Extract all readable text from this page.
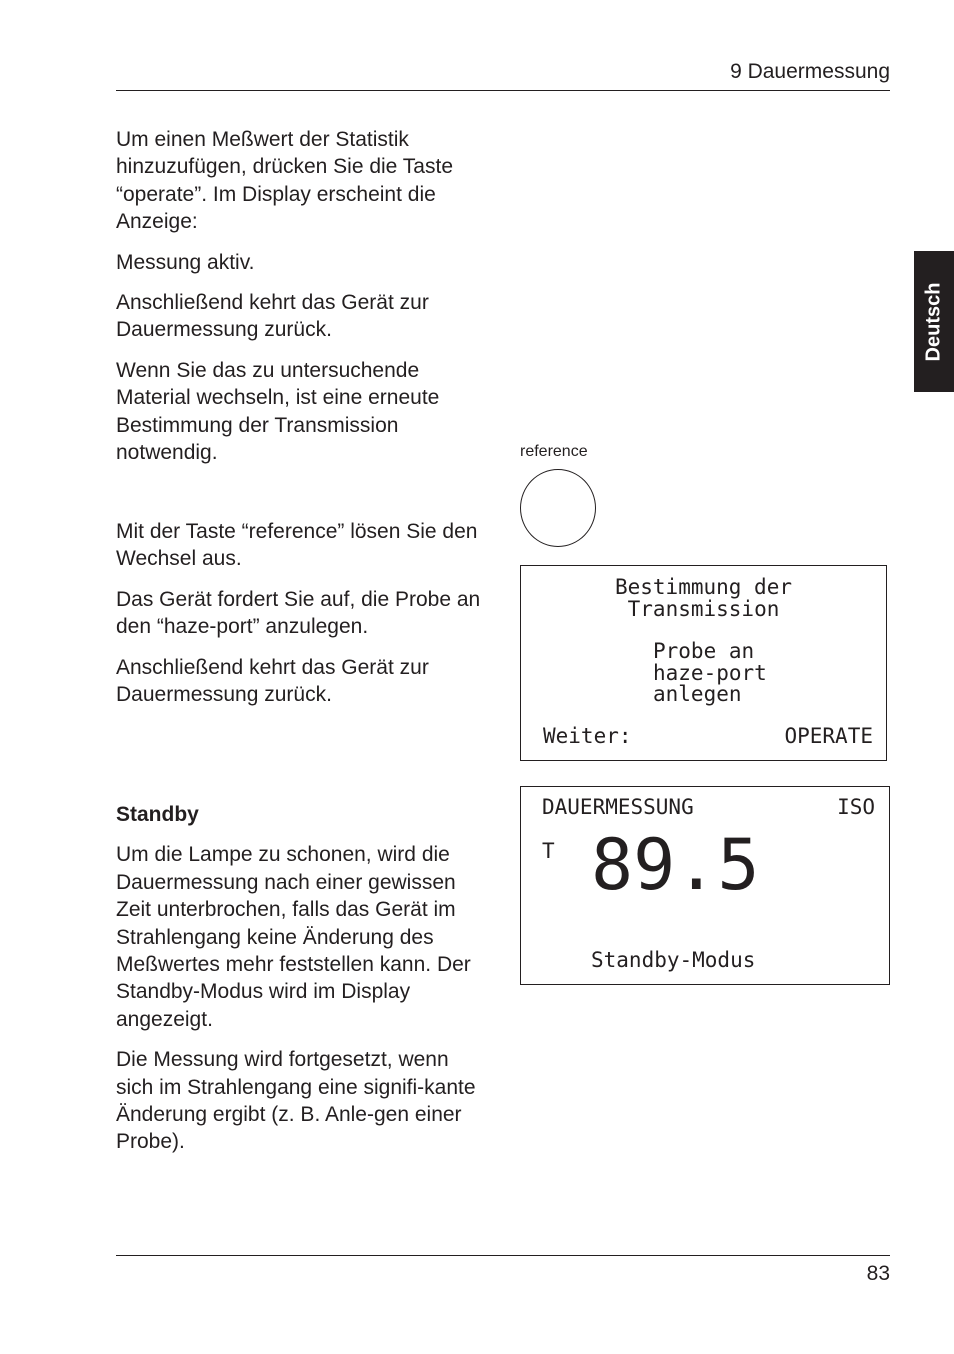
9 Dauermessung
Deutsch

Um einen Meßwert der Statistik hinzuzufügen, drücken Sie die Taste “operate”. Im Display erscheint die Anzeige:

Messung aktiv.

Anschließend kehrt das Gerät zur Dauermessung zurück.

Wenn Sie das zu untersuchende Material wechseln, ist eine erneute Bestimmung der Transmission notwendig.

Mit der Taste “reference” lösen Sie den Wechsel aus.

Das Gerät fordert Sie auf, die Probe an den “haze-port” anzulegen.

Anschließend kehrt das Gerät zur Dauermessung zurück.

Standby

Um die Lampe zu schonen, wird die Dauermessung nach einer gewissen Zeit unterbrochen, falls das Gerät im Strahlengang keine Änderung des Meßwertes mehr feststellen kann. Der Standby-Modus wird im Display angezeigt.

Die Messung wird fortgesetzt, wenn sich im Strahlengang eine signifi-kante Änderung ergibt (z. B. Anle-gen einer Probe).

reference
Bestimmung der
Transmission
Probe an
haze-port
anlegen
Weiter:	OPERATE
DAUERMESSUNG	ISO
T 89.5
Standby-Modus
83
